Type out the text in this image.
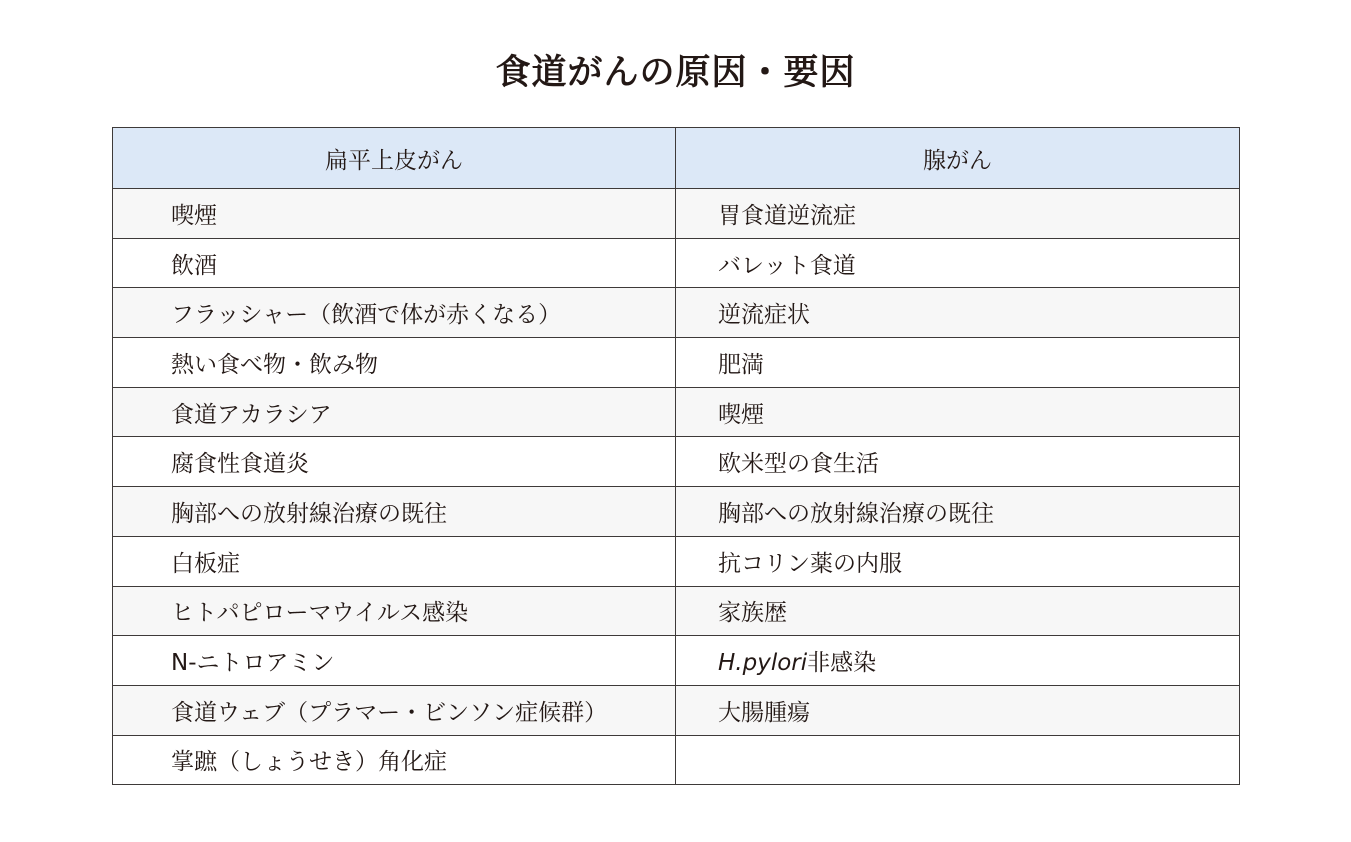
食道がんの原因・要因
扁平上皮がん	腺がん
喫煙	胃食道逆流症
飲酒	バレット食道
フラッシャー（飲酒で体が赤くなる）	逆流症状
熱い食べ物・飲み物	肥満
食道アカラシア	喫煙
腐食性食道炎	欧米型の食生活
胸部への放射線治療の既往	胸部への放射線治療の既往
白板症	抗コリン薬の内服
ヒトパピローマウイルス感染	家族歴
N-ニトロアミン	H.pylori非感染
食道ウェブ（プラマー・ビンソン症候群）	大腸腫瘍
掌蹠（しょうせき）角化症	
